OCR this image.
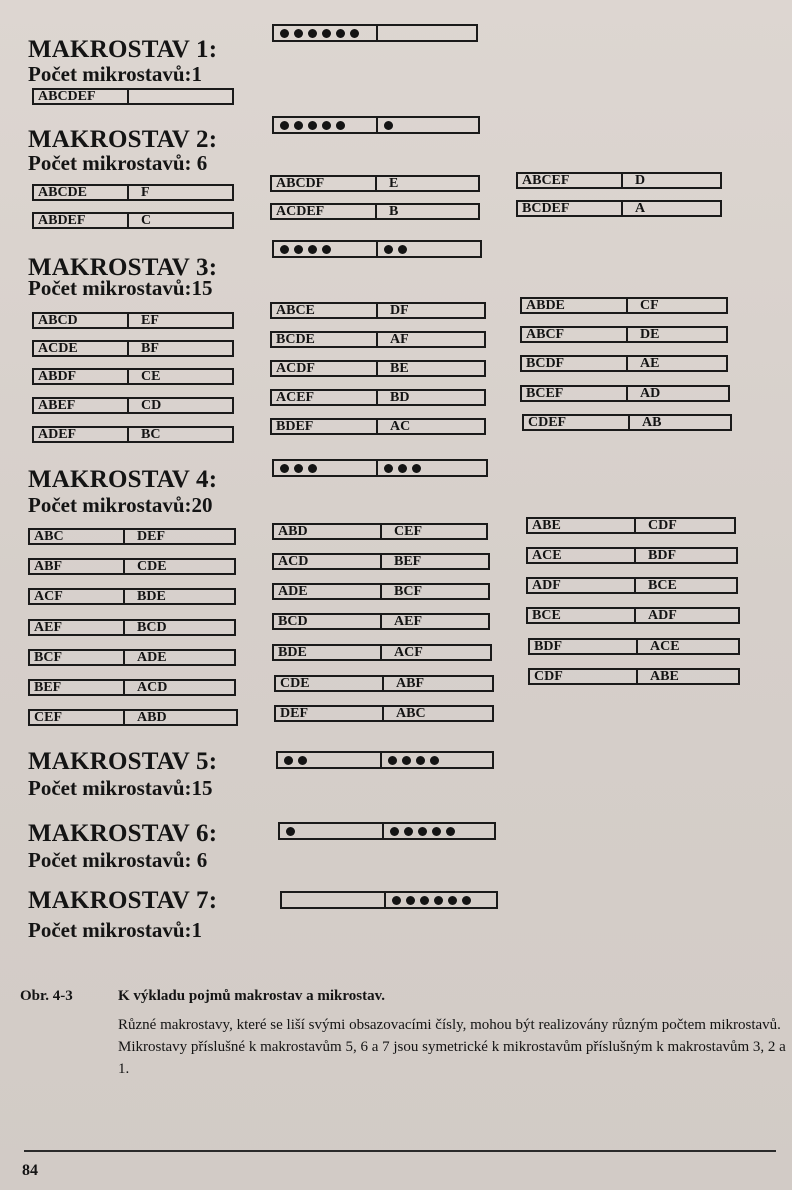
MAKROSTAV 1:
Počet mikrostavů:1
ABCDEF
MAKROSTAV 2:
Počet mikrostavů: 6
ABCDE	F
ABDEF	C
ABCDF	E
ACDEF	B
ABCEF	D
BCDEF	A
MAKROSTAV 3:
Počet mikrostavů:15
ABCD	EF
ACDE	BF
ABDF	CE
ABEF	CD
ADEF	BC
ABCE	DF
BCDE	AF
ACDF	BE
ACEF	BD
BDEF	AC
ABDE	CF
ABCF	DE
BCDF	AE
BCEF	AD
CDEF	AB
MAKROSTAV 4:
Počet mikrostavů:20
ABC	DEF
ABF	CDE
ACF	BDE
AEF	BCD
BCF	ADE
BEF	ACD
CEF	ABD
ABD	CEF
ACD	BEF
ADE	BCF
BCD	AEF
BDE	ACF
CDE	ABF
DEF	ABC
ABE	CDF
ACE	BDF
ADF	BCE
BCE	ADF
BDF	ACE
CDF	ABE
MAKROSTAV 5:
Počet mikrostavů:15
MAKROSTAV 6:
Počet mikrostavů: 6
MAKROSTAV 7:
Počet mikrostavů:1
Obr. 4-3	K výkladu pojmů makrostav a mikrostav.
Různé makrostavy, které se liší svými obsazovacími čísly, mohou být realizovány různým počtem mikrostavů. Mikrostavy příslušné k makrostavům 5, 6 a 7 jsou symetrické k mikrostavům příslušným k makrostavům 3, 2 a 1.
84
